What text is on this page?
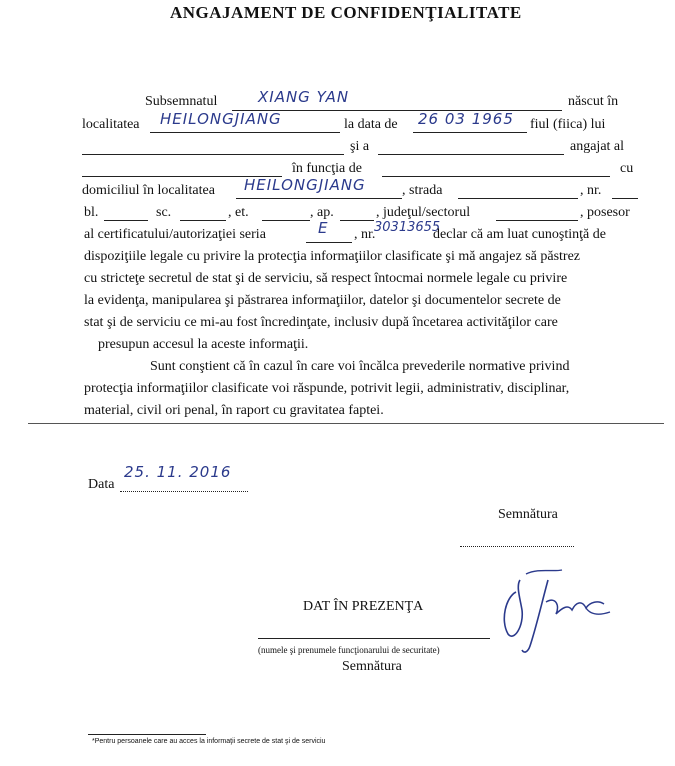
ANGAJAMENT DE CONFIDENŢIALITATE
Subsemnatul	XIANG YAN	născut în
localitatea HEILONGJIANG	la data de 26 03 1965 fiul (fiica) lui
şi a	angajat al
în funcţia de	cu
domiciliul în localitatea HEILONGJIANG	, strada	, nr.
bl.	sc.	, et.	, ap.	, judeţul/sectorul	, posesor
al certificatului/autorizaţiei seria	E , nr.
30313655
declar că am luat cunoştinţă de
dispoziţiile legale cu privire la protecţia informaţiilor clasificate şi mă angajez să păstrez
cu stricteţe secretul de stat şi de serviciu, să respect întocmai normele legale cu privire
la evidenţa, manipularea şi păstrarea informaţiilor, datelor şi documentelor secrete de
stat şi de serviciu ce mi-au fost încredinţate, inclusiv după încetarea activităţilor care
presupun accesul la aceste informaţii.
Sunt conştient că în cazul în care voi încălca prevederile normative privind
protecţia informaţiilor clasificate voi răspunde, potrivit legii, administrativ, disciplinar,
material, civil ori penal, în raport cu gravitatea faptei.
Data
25. 11. 2016
Semnătura
DAT ÎN PREZENŢA
(numele şi prenumele funcţionarului de securitate)
Semnătura
*Pentru persoanele care au acces la informaţii secrete de stat şi de serviciu
